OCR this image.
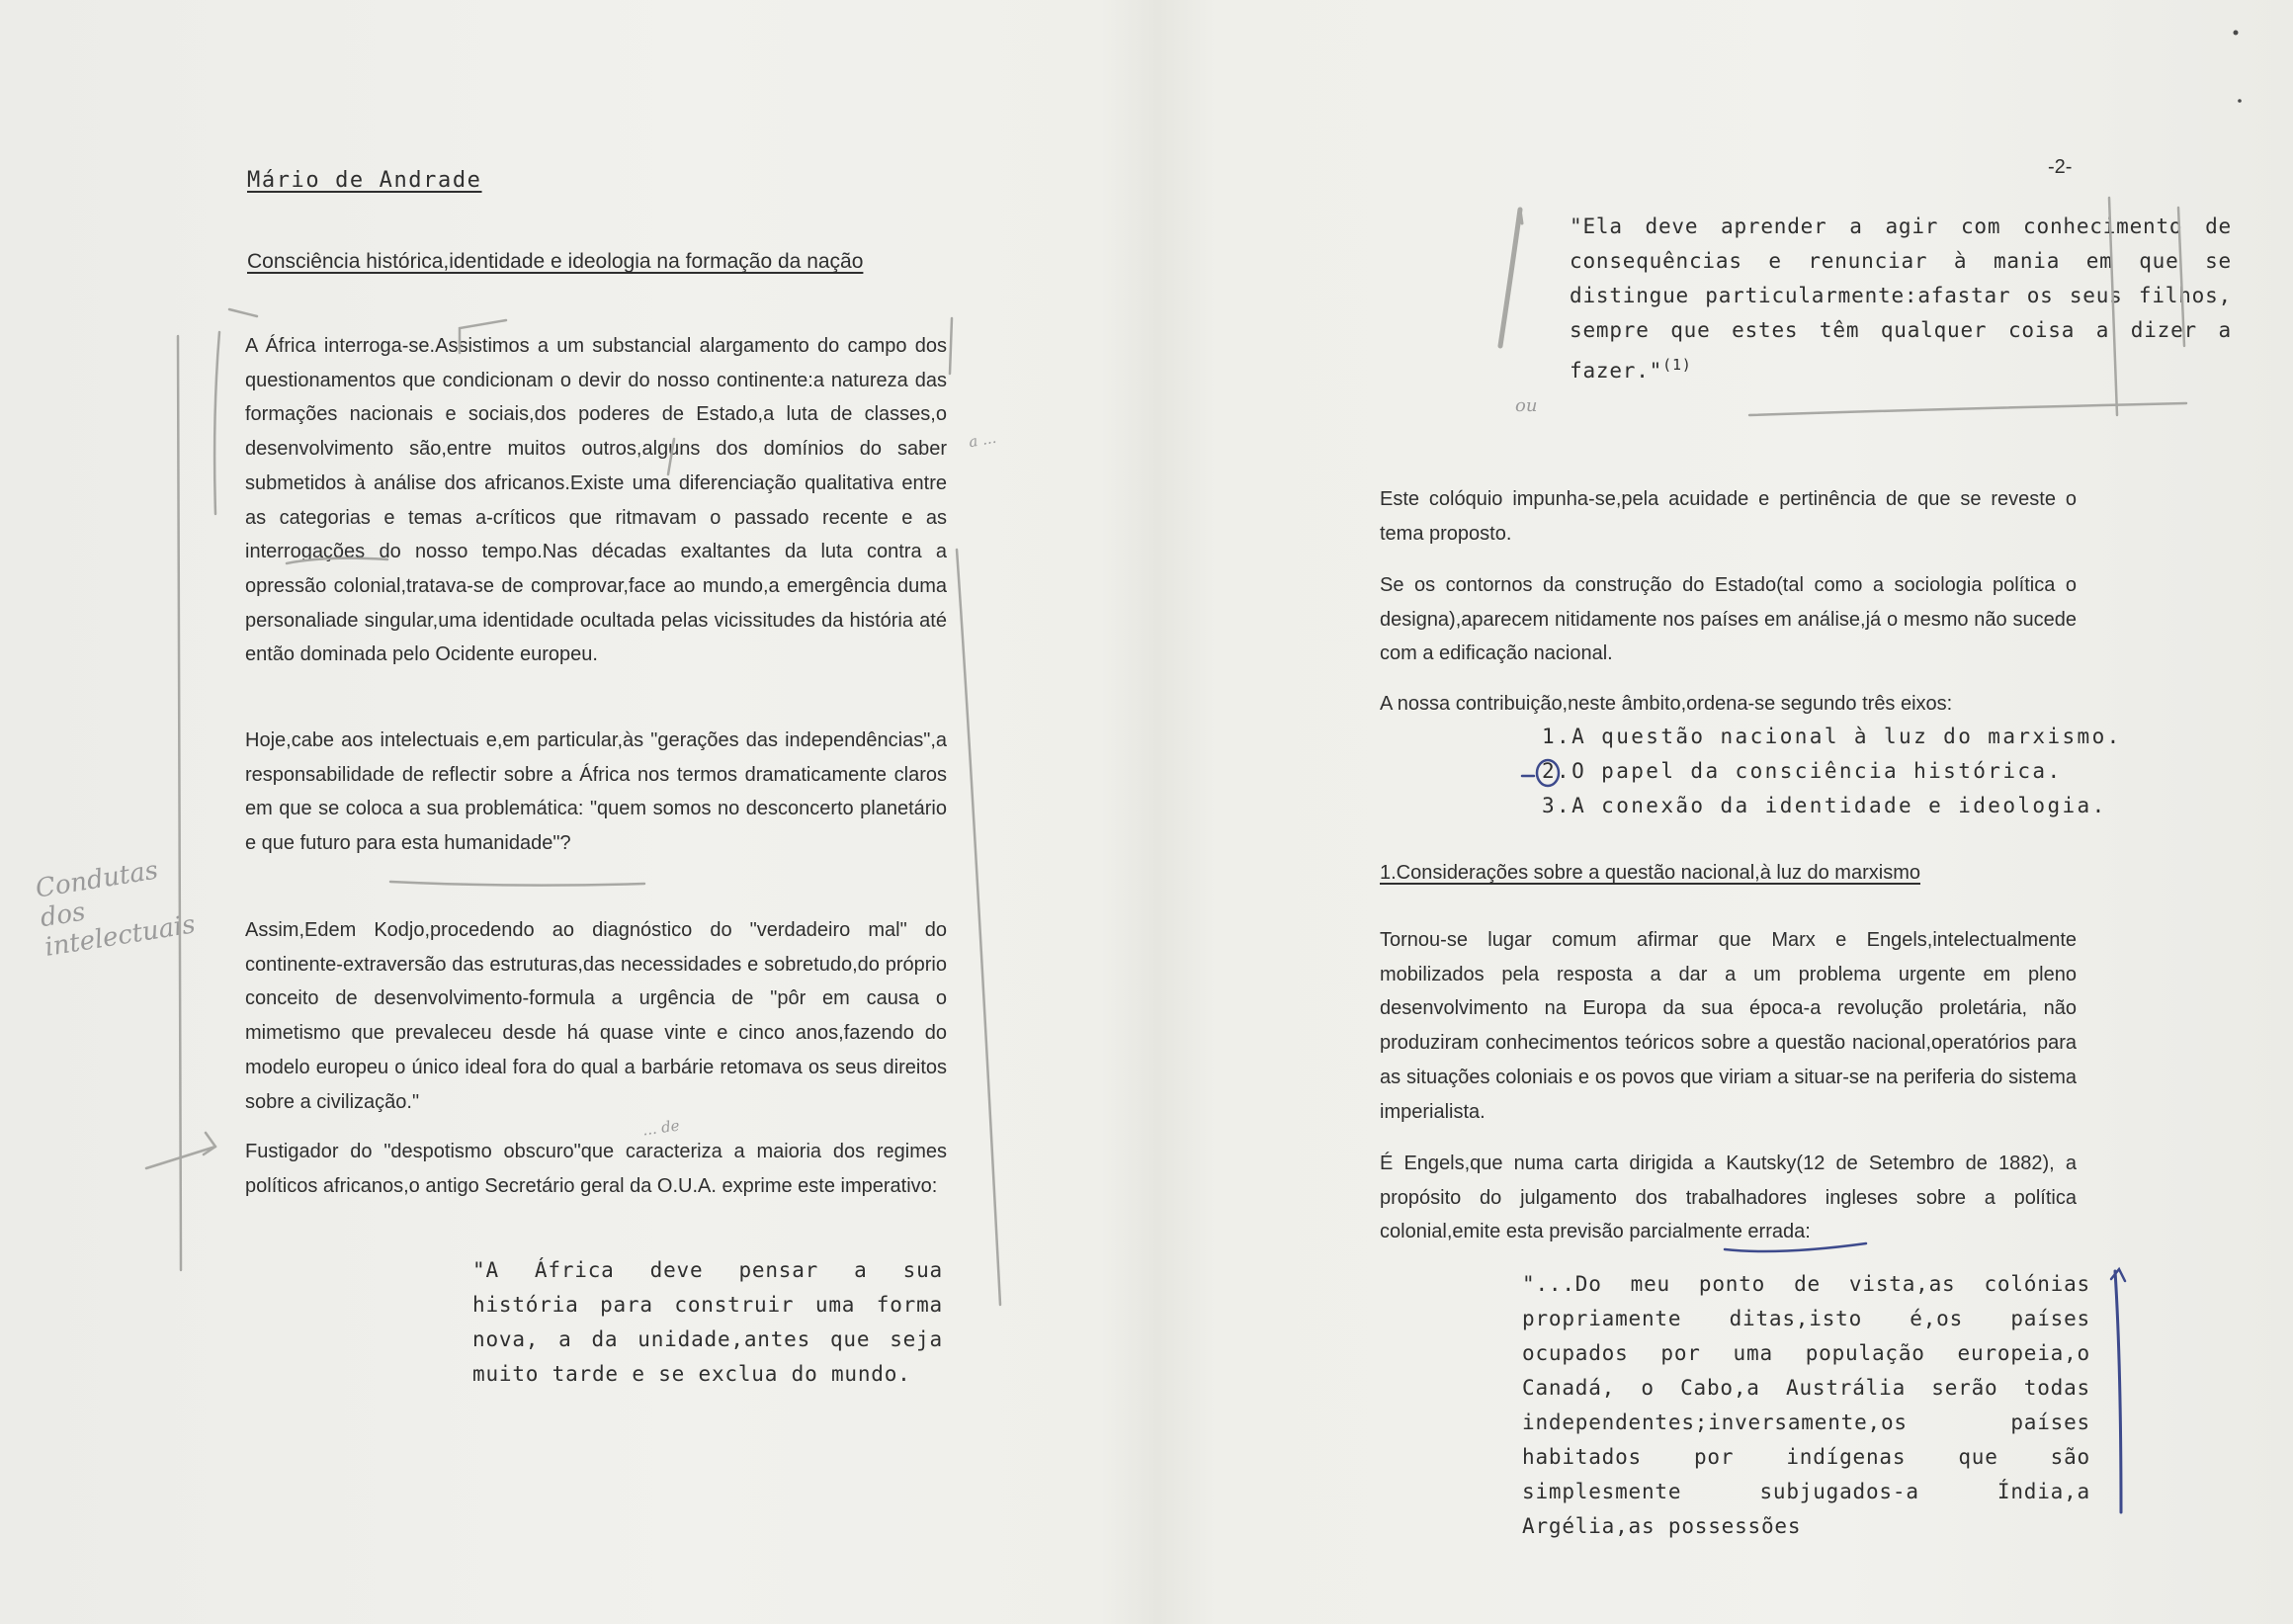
Mário de Andrade
Consciência histórica,identidade e ideologia na formação da nação
A África interroga-se.Assistimos a um substancial alargamento do campo dos questionamentos que condicionam o devir do nosso continente:a natureza das formações nacionais e sociais,dos poderes de Estado,a luta de classes,o desenvolvimento são,entre muitos outros,alguns dos domínios do saber submetidos à análise dos africanos.Existe uma diferenciação qualitativa entre as categorias e temas a-críticos que ritmavam o passado recente e as interrogações do nosso tempo.Nas décadas exaltantes da luta contra a opressão colonial,tratava-se de comprovar,face ao mundo,a emergência duma personaliade singular,uma identidade ocultada pelas vicissitudes da história até então dominada pelo Ocidente europeu.
Hoje,cabe aos intelectuais e,em particular,às "gerações das independências",a responsabilidade de reflectir sobre a África nos termos dramaticamente claros em que se coloca a sua problemática: "quem somos no desconcerto planetário e que futuro para esta humanidade"?
Assim,Edem Kodjo,procedendo ao diagnóstico do "verdadeiro mal" do continente-extraversão das estruturas,das necessidades e sobretudo,do próprio conceito de desenvolvimento-formula a urgência de "pôr em causa o mimetismo que prevaleceu desde há quase vinte e cinco anos,fazendo do modelo europeu o único ideal fora do qual a barbárie retomava os seus direitos sobre a civilização."
Fustigador do "despotismo obscuro"que caracteriza a maioria dos regimes políticos africanos,o antigo Secretário geral da O.U.A. exprime este imperativo:
"A África deve pensar a sua história para construir uma forma nova, a da unidade,antes que seja muito tarde e se exclua do mundo.
Condutas dos intelectuais
a ...
... de
-2-
"Ela deve aprender a agir com conhecimento de consequências e renunciar à mania em que se distingue particularmente:afastar os seus filhos, sempre que estes têm qualquer coisa a dizer a fazer."$^{(1)}$
ou
Este colóquio impunha-se,pela acuidade e pertinência de que se reveste o tema proposto.
Se os contornos da construção do Estado(tal como a sociologia política o designa),aparecem nitidamente nos países em análise,já o mesmo não sucede com a edificação nacional.
A nossa contribuição,neste âmbito,ordena-se segundo três eixos:
1.A questão nacional à luz do marxismo.
2.O papel da consciência histórica.
3.A conexão da identidade e ideologia.
1.Considerações sobre a questão nacional,à luz do marxismo
Tornou-se lugar comum afirmar que Marx e Engels,intelectualmente mobilizados pela resposta a dar a um problema urgente em pleno desenvolvimento na Europa da sua época-a revolução proletária, não produziram conhecimentos teóricos sobre a questão nacional,operatórios para as situações coloniais e os povos que viriam a situar-se na periferia do sistema imperialista.
É Engels,que numa carta dirigida a Kautsky(12 de Setembro de 1882), a propósito do julgamento dos trabalhadores ingleses sobre a política colonial,emite esta previsão parcialmente errada:
"...Do meu ponto de vista,as colónias propriamente ditas,isto é,os países ocupados por uma população europeia,o Canadá, o Cabo,a Austrália serão todas independentes;inversamente,os países habitados por indígenas que são simplesmente subjugados-a Índia,a Argélia,as possessões
